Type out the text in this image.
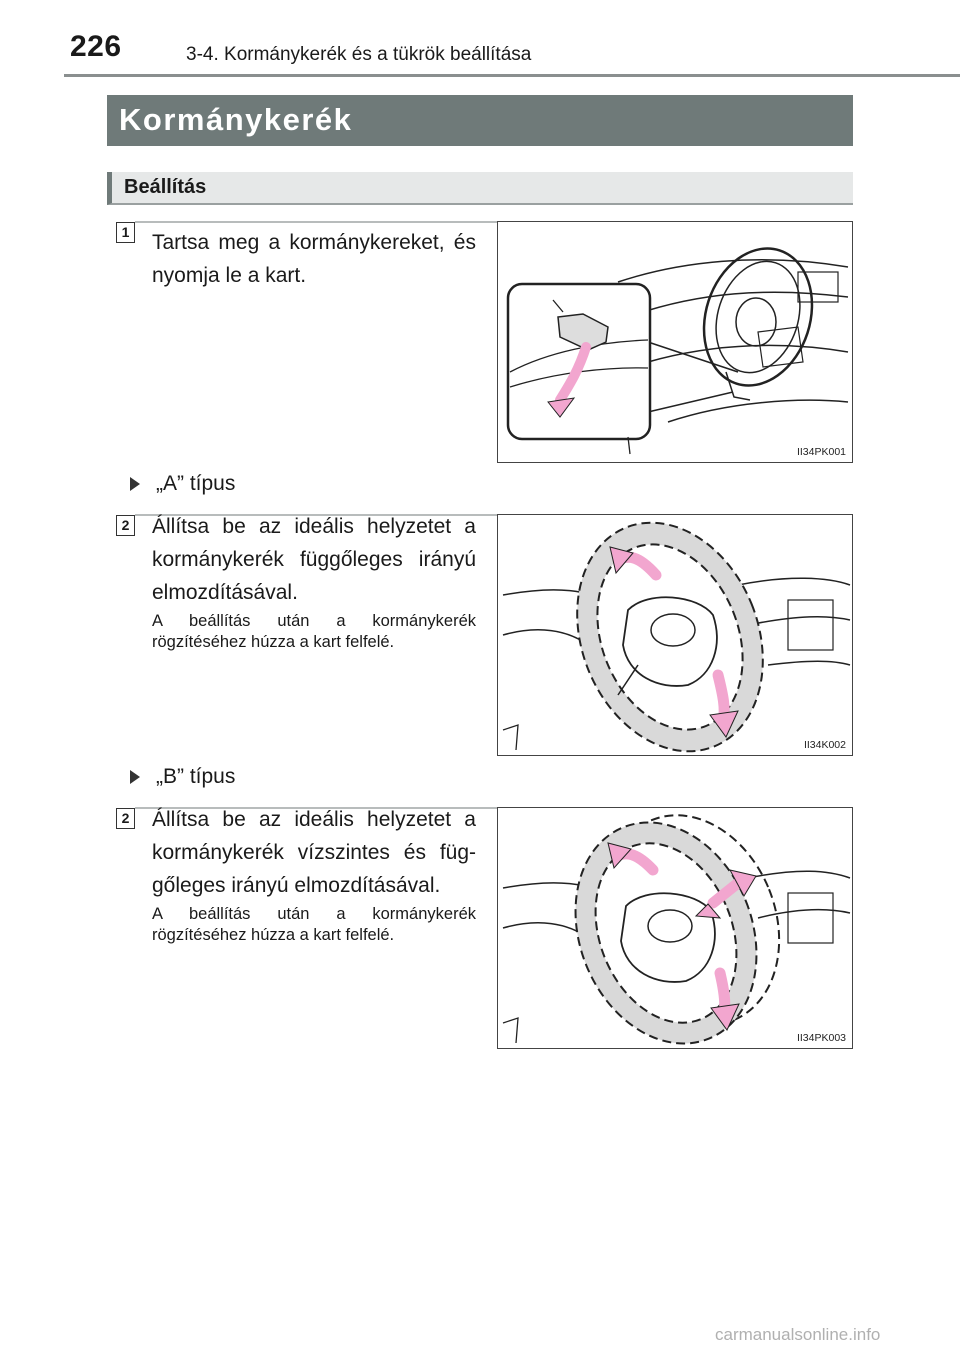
226	3-4. Kormánykerék és a tükrök beállítása
Kormánykerék
Beállítás
1 Tartsa meg a kormánykereket, és nyomja le a kart.
II34PK001
„A” típus
2 Állítsa be az ideális helyzetet a kormánykerék függőleges irányú elmozdításával.
A beállítás után a kormánykerék rögzítéséhez húzza a kart felfelé.
II34K002
„B” típus
2 Állítsa be az ideális helyzetet a kormánykerék vízszintes és füg-gőleges irányú elmozdításával.
A beállítás után a kormánykerék rögzítéséhez húzza a kart felfelé.
II34PK003
carmanualsonline.info
